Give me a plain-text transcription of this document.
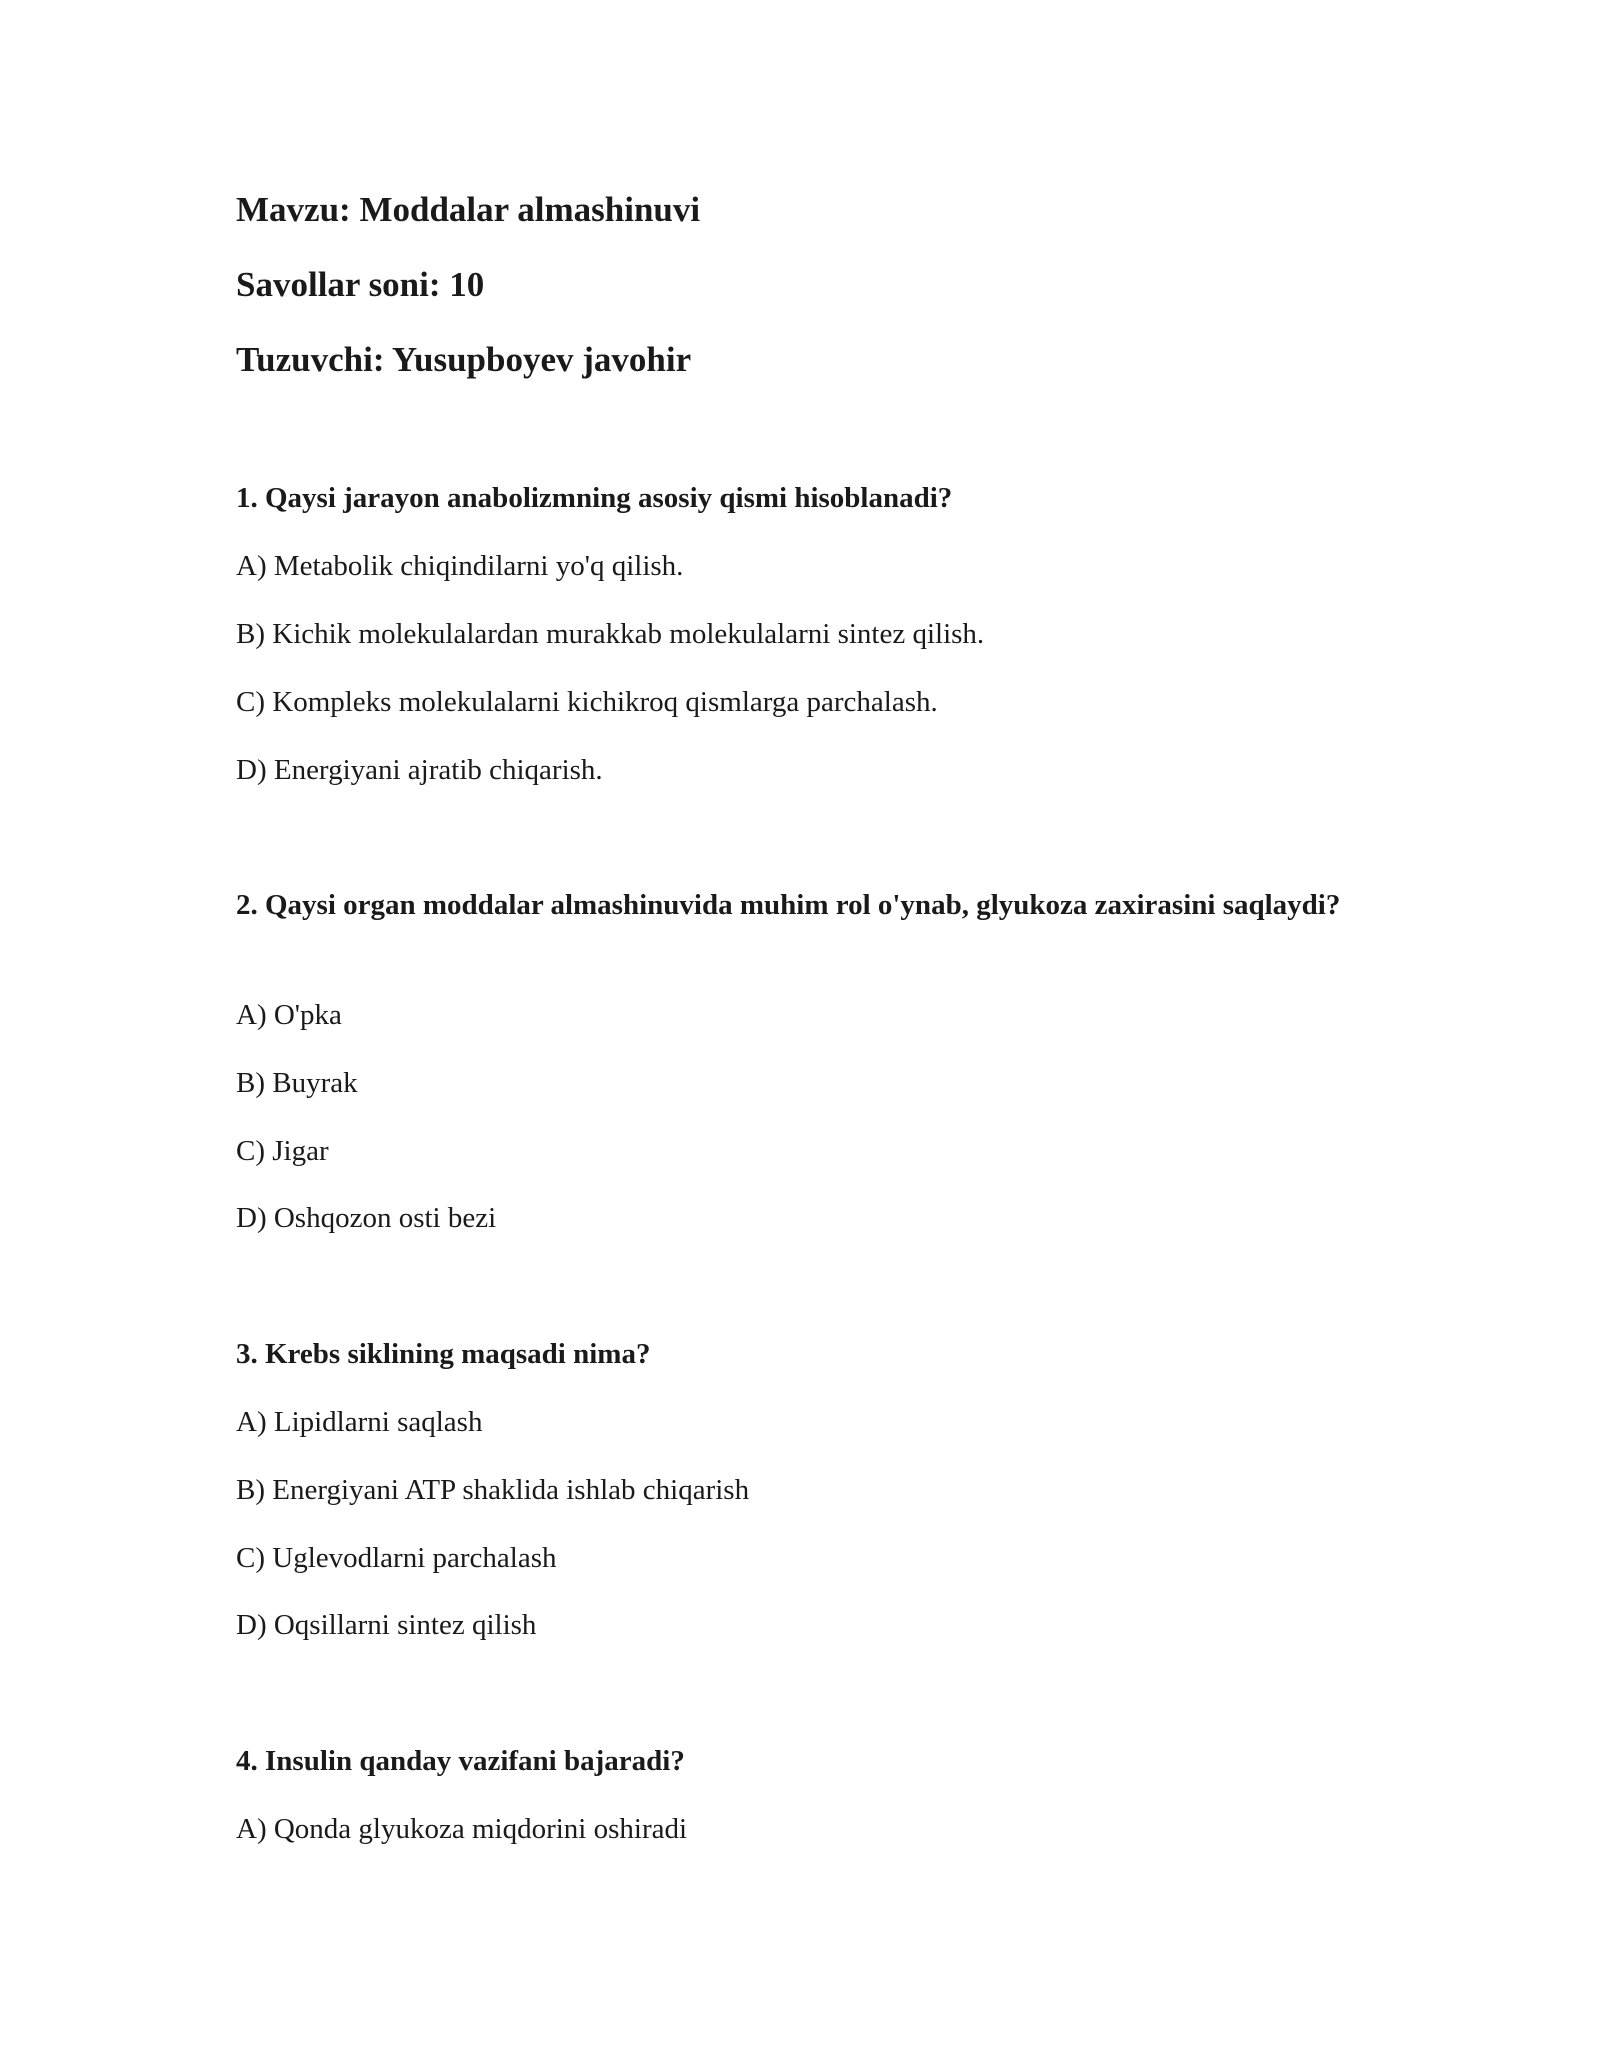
Mavzu: Moddalar almashinuvi
Savollar soni: 10
Tuzuvchi: Yusupboyev javohir
1. Qaysi jarayon anabolizmning asosiy qismi hisoblanadi?
A) Metabolik chiqindilarni yo'q qilish.
B) Kichik molekulalardan murakkab molekulalarni sintez qilish.
C) Kompleks molekulalarni kichikroq qismlarga parchalash.
D) Energiyani ajratib chiqarish.
2. Qaysi organ moddalar almashinuvida muhim rol o'ynab, glyukoza zaxirasini saqlaydi?
A) O'pka
B) Buyrak
C) Jigar
D) Oshqozon osti bezi
3. Krebs siklining maqsadi nima?
A) Lipidlarni saqlash
B) Energiyani ATP shaklida ishlab chiqarish
C) Uglevodlarni parchalash
D) Oqsillarni sintez qilish
4. Insulin qanday vazifani bajaradi?
A) Qonda glyukoza miqdorini oshiradi
